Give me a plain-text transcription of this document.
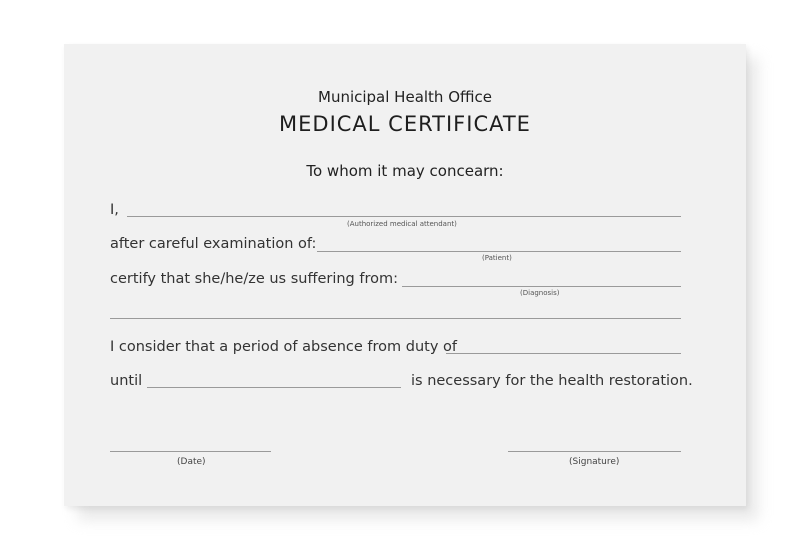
Municipal Health Office
MEDICAL CERTIFICATE
To whom it may concearn:
I,
(Authorized medical attendant)
after careful examination of:
(Patient)
certify that she/he/ze us suffering from:
(Diagnosis)
I consider that a period of absence from duty of
until	is necessary for the health restoration.
(Date)	(Signature)
